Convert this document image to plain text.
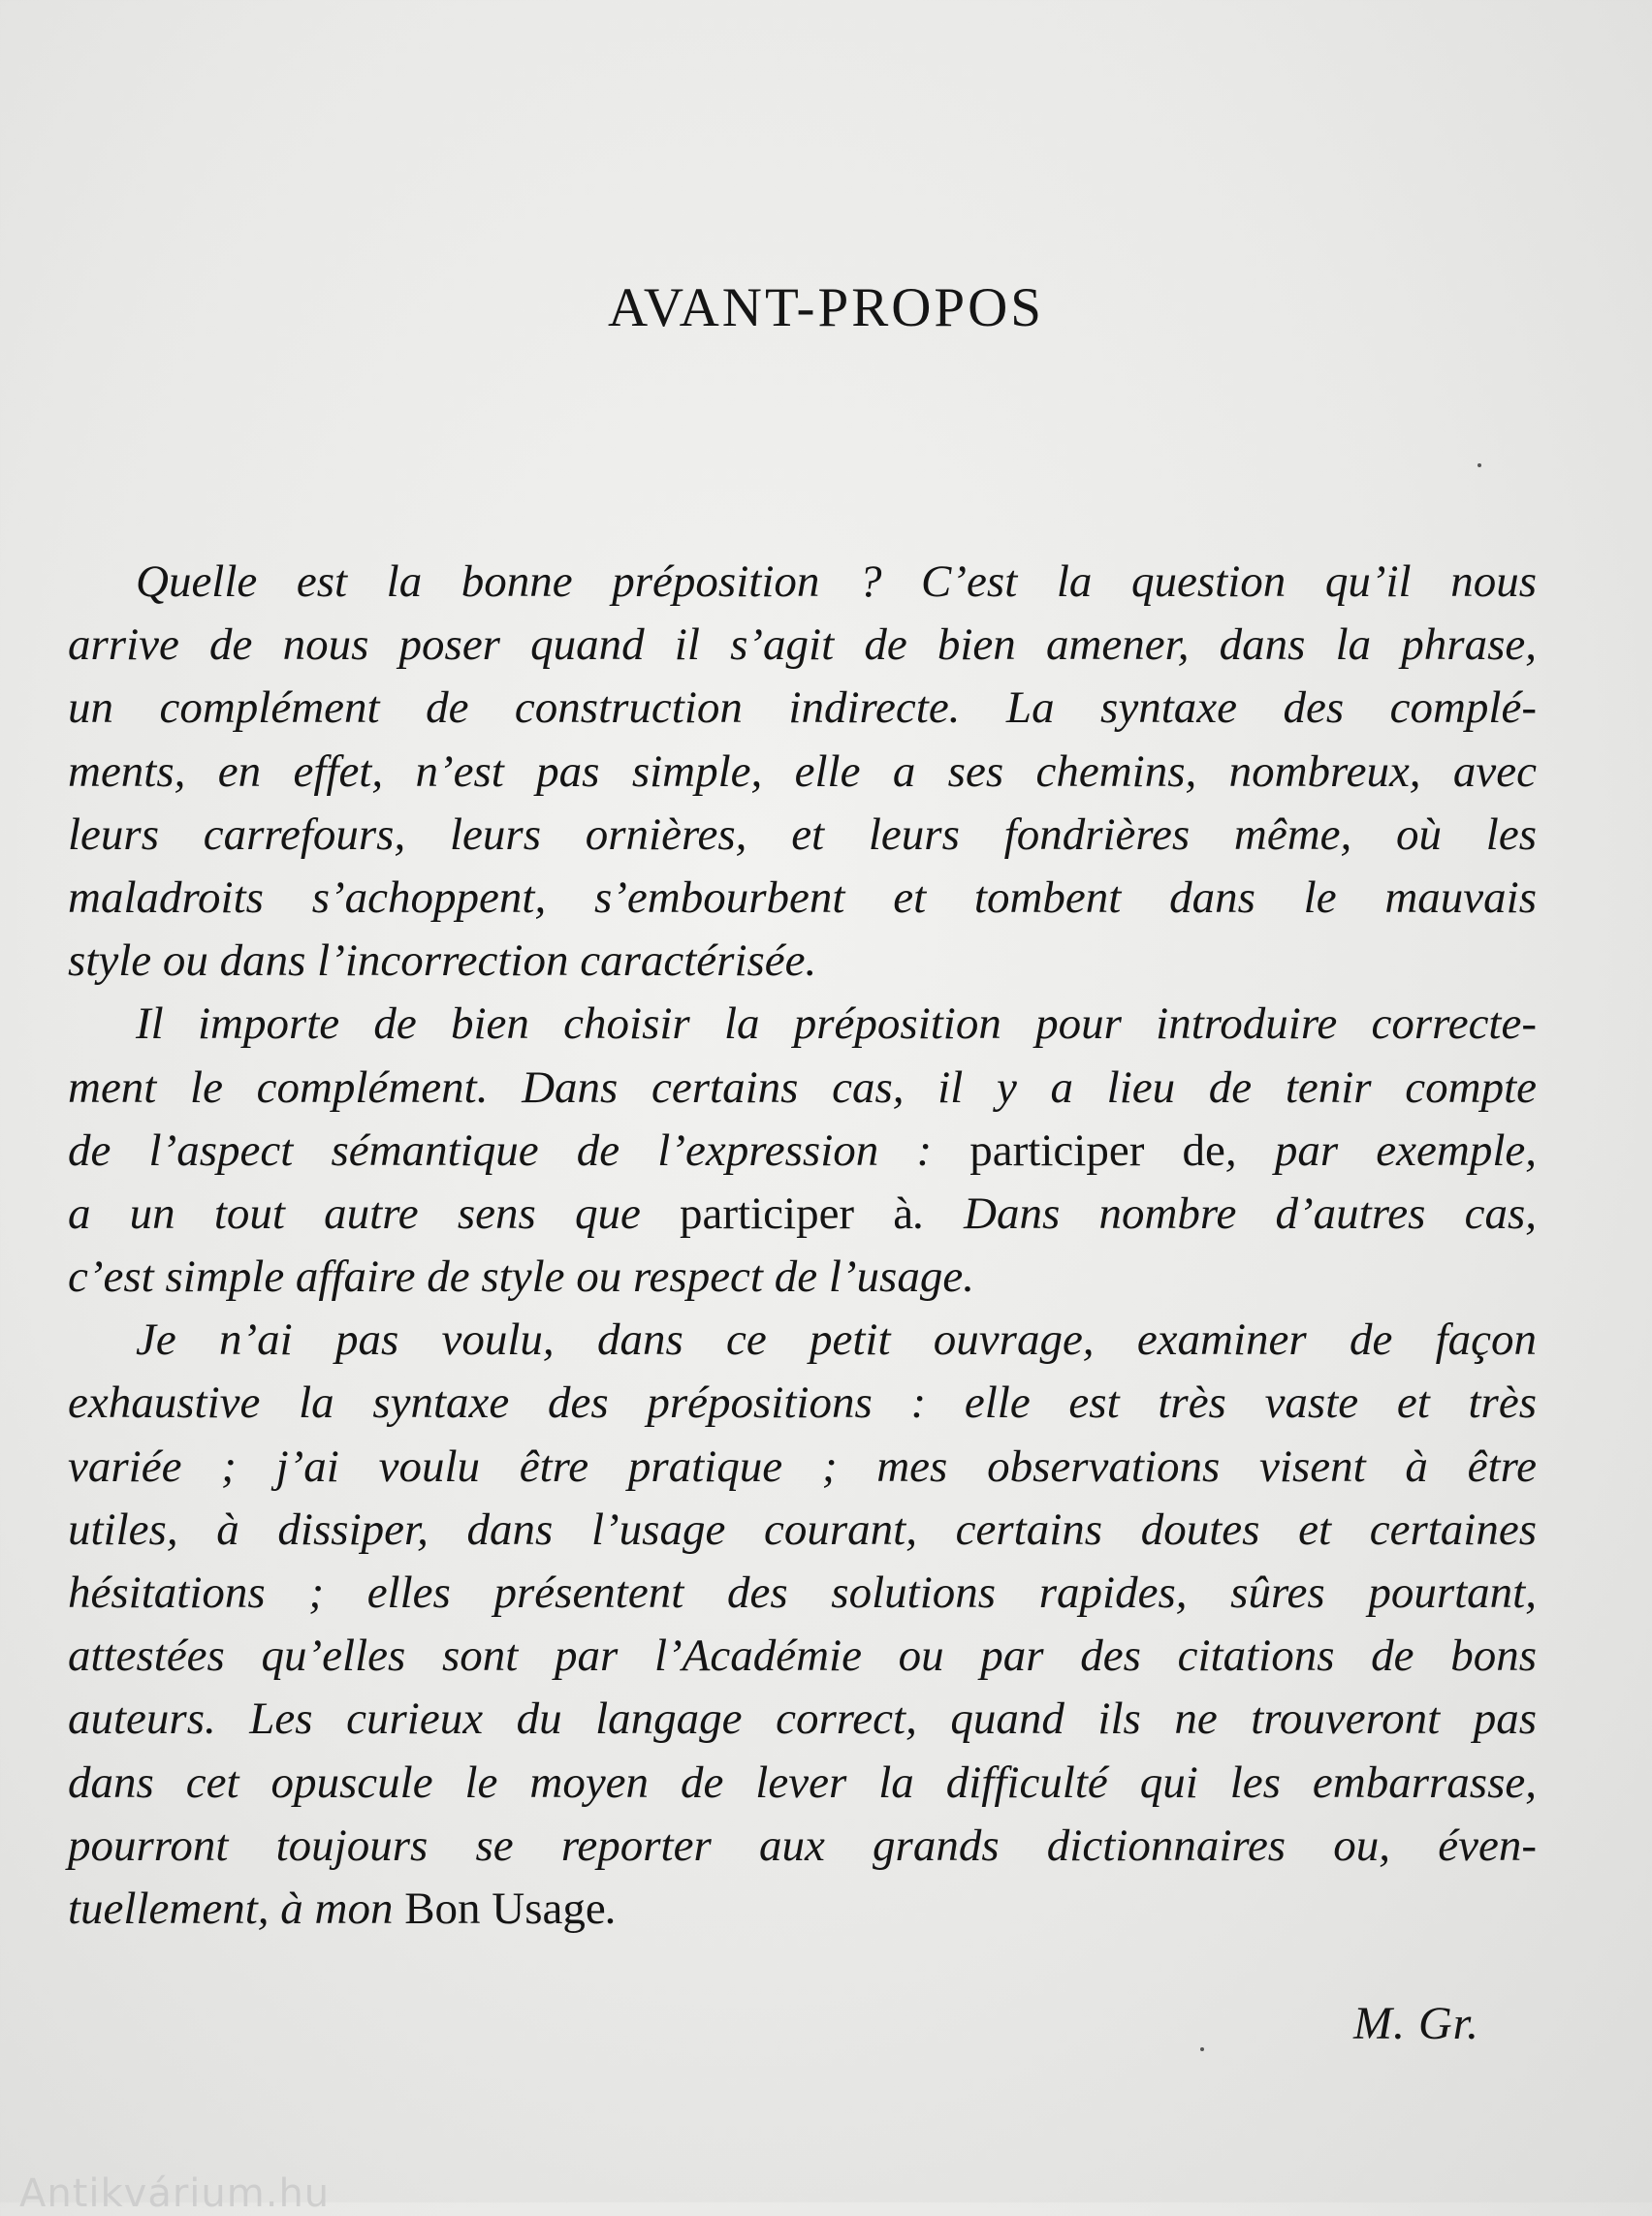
AVANT-PROPOS
Quelle est la bonne préposition ? C’est la question qu’il nous
arrive de nous poser quand il s’agit de bien amener, dans la phrase,
un complément de construction indirecte. La syntaxe des complé-
ments, en effet, n’est pas simple, elle a ses chemins, nombreux, avec
leurs carrefours, leurs ornières, et leurs fondrières même, où les
maladroits s’achoppent, s’embourbent et tombent dans le mauvais
style ou dans l’incorrection caractérisée.
Il importe de bien choisir la préposition pour introduire correcte-
ment le complément. Dans certains cas, il y a lieu de tenir compte
de l’aspect sémantique de l’expression : participer de, par exemple,
a un tout autre sens que participer à. Dans nombre d’autres cas,
c’est simple affaire de style ou respect de l’usage.
Je n’ai pas voulu, dans ce petit ouvrage, examiner de façon
exhaustive la syntaxe des prépositions : elle est très vaste et très
variée ; j’ai voulu être pratique ; mes observations visent à être
utiles, à dissiper, dans l’usage courant, certains doutes et certaines
hésitations ; elles présentent des solutions rapides, sûres pourtant,
attestées qu’elles sont par l’Académie ou par des citations de bons
auteurs. Les curieux du langage correct, quand ils ne trouveront pas
dans cet opuscule le moyen de lever la difficulté qui les embarrasse,
pourront toujours se reporter aux grands dictionnaires ou, éven-
tuellement, à mon Bon Usage.
M. Gr.
Antikvárium.hu
